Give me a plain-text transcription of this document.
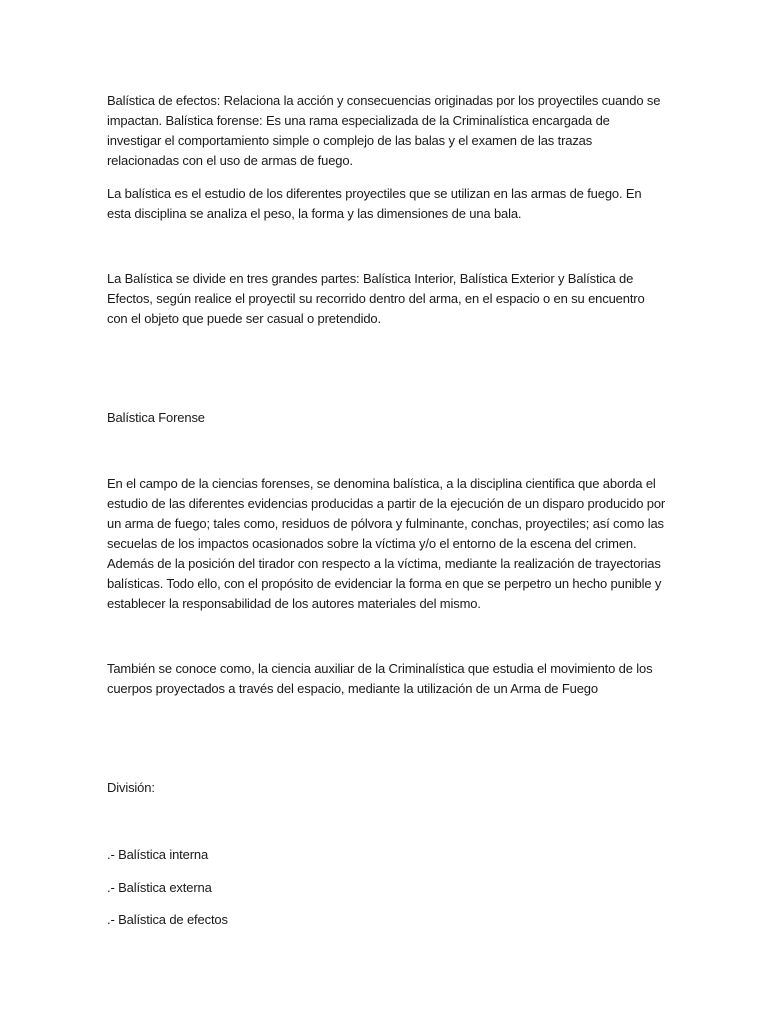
Balística de efectos: Relaciona la acción y consecuencias originadas por los proyectiles cuando se impactan. Balística forense: Es una rama especializada de la Criminalística encargada de investigar el comportamiento simple o complejo de las balas y el examen de las trazas relacionadas con el uso de armas de fuego.

La balística es el estudio de los diferentes proyectiles que se utilizan en las armas de fuego. En esta disciplina se analiza el peso, la forma y las dimensiones de una bala.

La Balística se divide en tres grandes partes: Balística Interior, Balística Exterior y Balística de Efectos, según realice el proyectil su recorrido dentro del arma, en el espacio o en su encuentro con el objeto que puede ser casual o pretendido.

Balística Forense

En el campo de la ciencias forenses, se denomina balística, a la disciplina cientifica que aborda el estudio de las diferentes evidencias producidas a partir de la ejecución de un disparo producido por un arma de fuego; tales como, residuos de pólvora y fulminante, conchas, proyectiles; así como las secuelas de los impactos ocasionados sobre la víctima y/o el entorno de la escena del crimen. Además de la posición del tirador con respecto a la víctima, mediante la realización de trayectorias balísticas. Todo ello, con el propósito de evidenciar la forma en que se perpetro un hecho punible y establecer la responsabilidad de los autores materiales del mismo.

También se conoce como, la ciencia auxiliar de la Criminalística que estudia el movimiento de los cuerpos proyectados a través del espacio, mediante la utilización de un Arma de Fuego

División:

.- Balística interna

.- Balística externa

.- Balística de efectos
